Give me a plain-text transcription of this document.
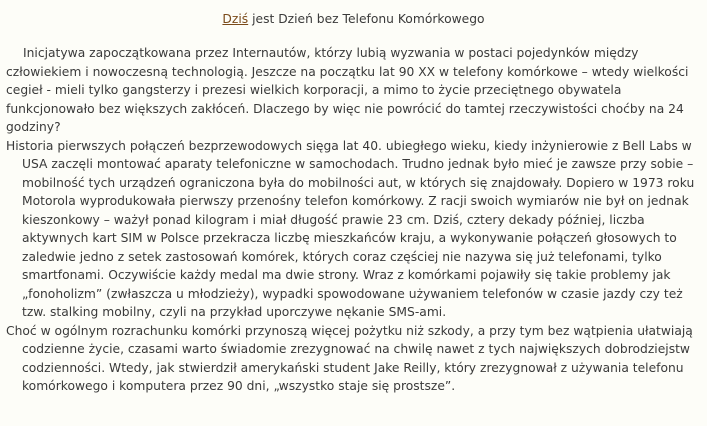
Dziś jest Dzień bez Telefonu Komórkowego

Inicjatywa zapoczątkowana przez Internautów, którzy lubią wyzwania w postaci pojedynków między człowiekiem i nowoczesną technologią. Jeszcze na początku lat 90 XX w telefony komórkowe – wtedy wielkości cegieł - mieli tylko gangsterzy i prezesi wielkich korporacji, a mimo to życie przeciętnego obywatela funkcjonowało bez większych zakłóceń. Dlaczego by więc nie powrócić do tamtej rzeczywistości choćby na 24 godziny?

Historia pierwszych połączeń bezprzewodowych sięga lat 40. ubiegłego wieku, kiedy inżynierowie z Bell Labs w USA zaczęli montować aparaty telefoniczne w samochodach. Trudno jednak było mieć je zawsze przy sobie – mobilność tych urządzeń ograniczona była do mobilności aut, w których się znajdowały. Dopiero w 1973 roku Motorola wyprodukowała pierwszy przenośny telefon komórkowy. Z racji swoich wymiarów nie był on jednak kieszonkowy – ważył ponad kilogram i miał długość prawie 23 cm. Dziś, cztery dekady później, liczba aktywnych kart SIM w Polsce przekracza liczbę mieszkańców kraju, a wykonywanie połączeń głosowych to zaledwie jedno z setek zastosowań komórek, których coraz częściej nie nazywa się już telefonami, tylko smartfonami. Oczywiście każdy medal ma dwie strony. Wraz z komórkami pojawiły się takie problemy jak „fonoholizm” (zwłaszcza u młodzieży), wypadki spowodowane używaniem telefonów w czasie jazdy czy też tzw. stalking mobilny, czyli na przykład uporczywe nękanie SMS-ami.

Choć w ogólnym rozrachunku komórki przynoszą więcej pożytku niż szkody, a przy tym bez wątpienia ułatwiają codzienne życie, czasami warto świadomie zrezygnować na chwilę nawet z tych największych dobrodziejstw codzienności. Wtedy, jak stwierdził amerykański student Jake Reilly, który zrezygnował z używania telefonu komórkowego i komputera przez 90 dni, „wszystko staje się prostsze”.
